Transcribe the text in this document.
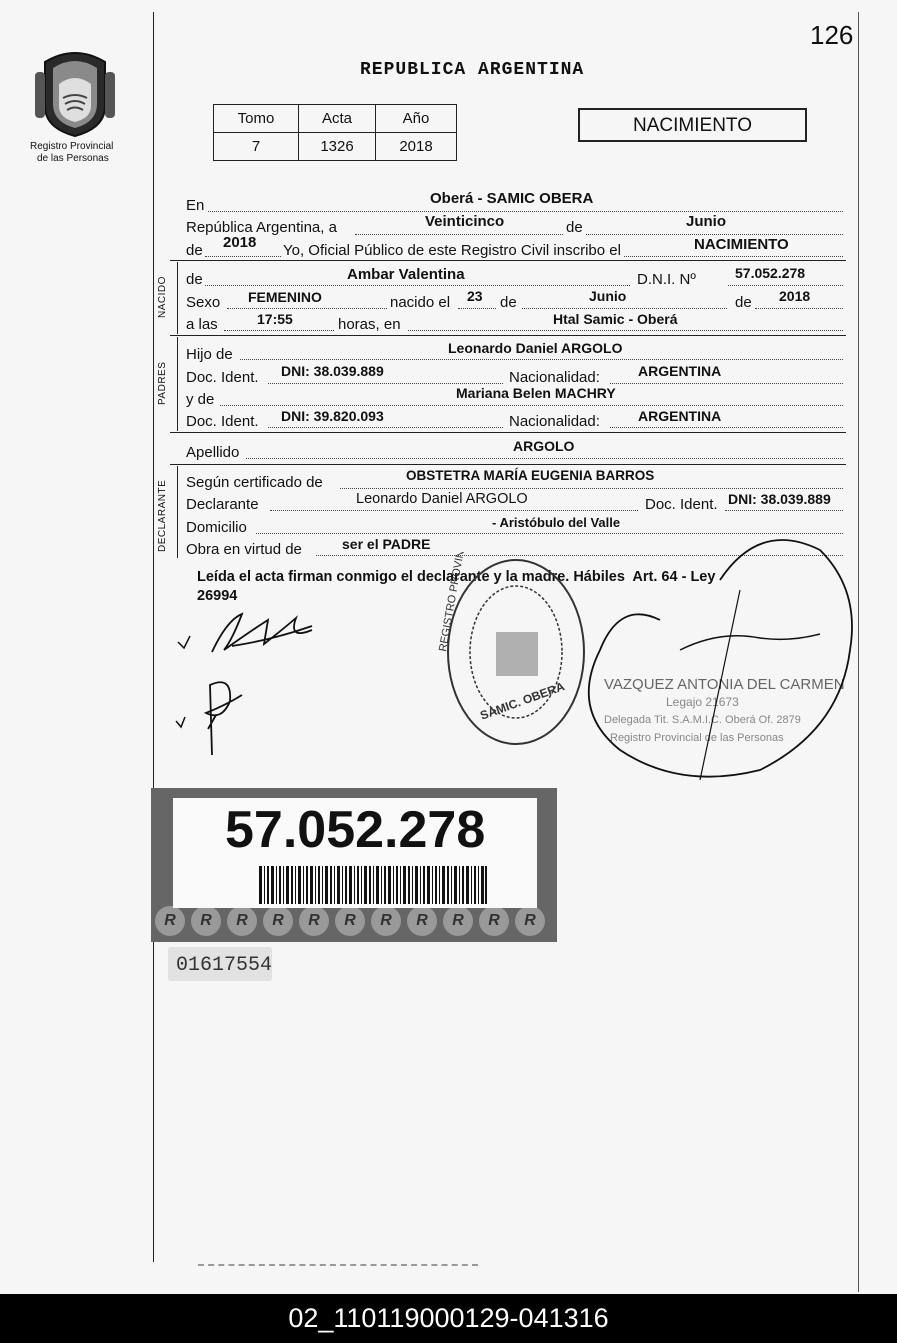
126
Registro Provincial
de las Personas
REPUBLICA ARGENTINA
Tomo	Acta	Año
7	1326	2018
NACIMIENTO
En	Oberá - SAMIC OBERA
República Argentina, a	Veinticinco	de	Junio
de 2018 Yo, Oficial Público de este Registro Civil inscribo el	NACIMIENTO
NACIDO de	Ambar Valentina	D.N.I. Nº	57.052.278
Sexo FEMENINO	nacido el 23 de	Junio	de 2018
a las	17:55	horas, en	Htal Samic - Oberá
PADRES
Hijo de	Leonardo Daniel ARGOLO
Doc. Ident. DNI: 38.039.889	Nacionalidad:	ARGENTINA
y de	Mariana Belen MACHRY
Doc. Ident. DNI: 39.820.093	Nacionalidad:	ARGENTINA
Apellido	ARGOLO
DECLARANTE Según certificado de	OBSTETRA MARÍA EUGENIA BARROS
Declarante	Leonardo Daniel ARGOLO	Doc. Ident. DNI: 38.039.889
Domicilio	- Aristóbulo del Valle
Obra en virtud de	ser el PADRE
Leída el acta firman conmigo el declarante y la madre. Hábiles  Art. 64 - Ley
26994
SAMIC. OBERA	VAZQUEZ ANTONIA DEL CARMEN
Legajo 21673
Delegada Tit. S.A.M.I.C. Oberá Of. 2879
Registro Provincial de las Personas
R	R	R	R	R	R	R	R	R	R	R
57.052.278
01617554
02_110119000129-041316
